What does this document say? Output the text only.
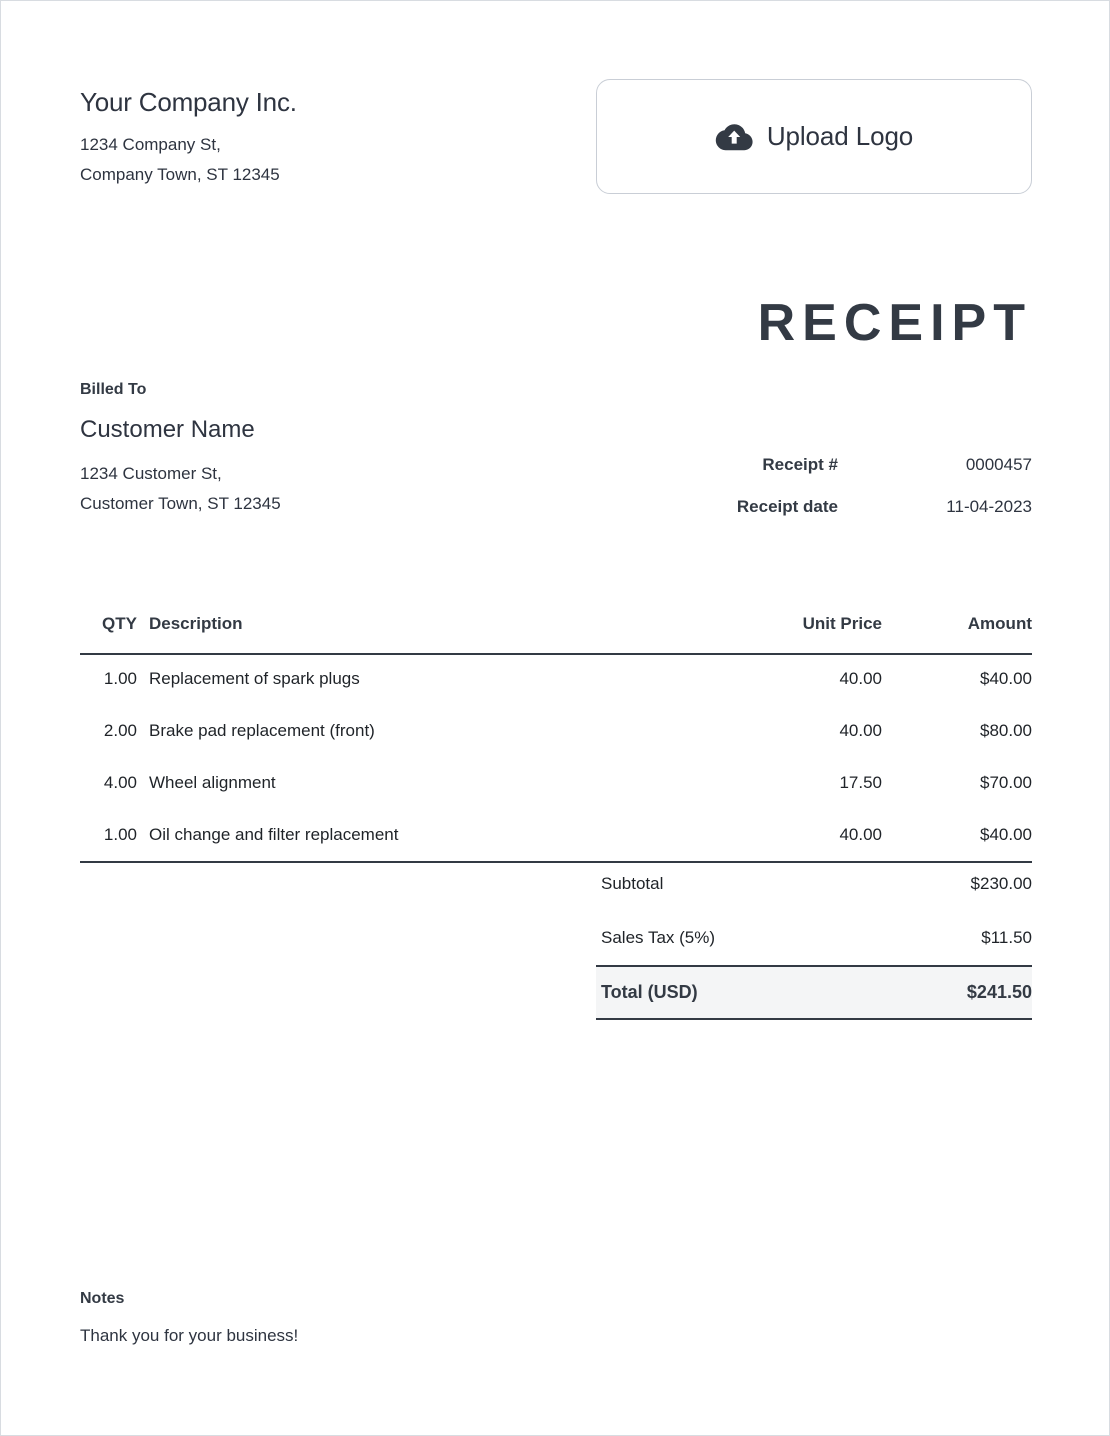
Your Company Inc.
1234 Company St,
Company Town, ST 12345
Upload Logo
RECEIPT
Billed To
Customer Name
1234 Customer St,
Customer Town, ST 12345
Receipt #	0000457
Receipt date	11-04-2023
QTY	Description	Unit Price	Amount
1.00	Replacement of spark plugs	40.00	$40.00
2.00	Brake pad replacement (front)	40.00	$80.00
4.00	Wheel alignment	17.50	$70.00
1.00	Oil change and filter replacement	40.00	$40.00
Subtotal	$230.00
Sales Tax (5%)	$11.50
Total (USD)	$241.50
Notes
Thank you for your business!
